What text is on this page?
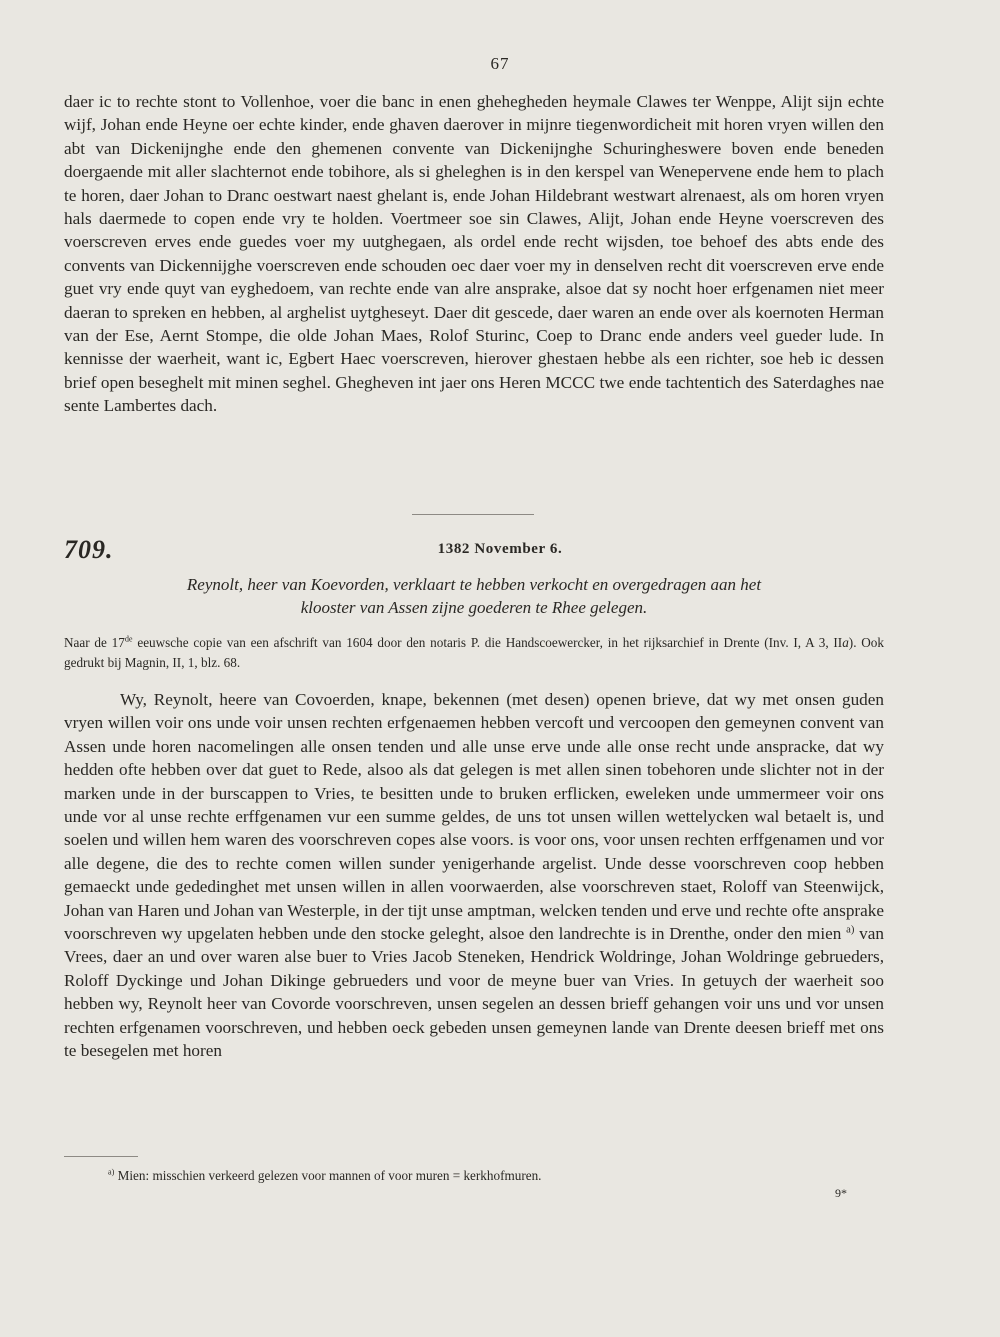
67

daer ic to rechte stont to Vollenhoe, voer die banc in enen ghehegheden heymale Clawes ter Wenppe, Alijt sijn echte wijf, Johan ende Heyne oer echte kinder, ende ghaven daerover in mijnre tiegenwordicheit mit horen vryen willen den abt van Dickenijnghe ende den ghemenen convente van Dickenijnghe Schuringheswere boven ende beneden doergaende mit aller slachternot ende tobihore, als si gheleghen is in den kerspel van Wenepervene ende hem to plach te horen, daer Johan to Dranc oestwart naest ghelant is, ende Johan Hildebrant westwart alrenaest, als om horen vryen hals daermede to copen ende vry te holden. Voertmeer soe sin Clawes, Alijt, Johan ende Heyne voerscreven des voerscreven erves ende guedes voer my uutghegaen, als ordel ende recht wijsden, toe behoef des abts ende des convents van Dickennijghe voerscreven ende schouden oec daer voer my in denselven recht dit voerscreven erve ende guet vry ende quyt van eyghedoem, van rechte ende van alre ansprake, alsoe dat sy nocht hoer erfgenamen niet meer daeran to spreken en hebben, al arghelist uytgheseyt. Daer dit gescede, daer waren an ende over als koernoten Herman van der Ese, Aernt Stompe, die olde Johan Maes, Rolof Sturinc, Coep to Dranc ende anders veel gueder lude. In kennisse der waerheit, want ic, Egbert Haec voerscreven, hierover ghestaen hebbe als een richter, soe heb ic dessen brief open beseghelt mit minen seghel. Ghegheven int jaer ons Heren MCCC twe ende tachtentich des Saterdaghes nae sente Lambertes dach.

709.	1382 November 6.
Reynolt, heer van Koevorden, verklaart te hebben verkocht en overgedragen aan het
klooster van Assen zijne goederen te Rhee gelegen.
Naar de 17de eeuwsche copie van een afschrift van 1604 door den notaris P. die Handscoewercker, in het rijksarchief in Drente (Inv. I, A 3, IIa). Ook gedrukt bij Magnin, II, 1, blz. 68.

Wy, Reynolt, heere van Covoerden, knape, bekennen (met desen) openen brieve, dat wy met onsen guden vryen willen voir ons unde voir unsen rechten erfgenaemen hebben vercoft und vercoopen den gemeynen convent van Assen unde horen nacomelingen alle onsen tenden und alle unse erve unde alle onse recht unde anspracke, dat wy hedden ofte hebben over dat guet to Rede, alsoo als dat gelegen is met allen sinen tobehoren unde slichter not in der marken unde in der burscappen to Vries, te besitten unde to bruken erflicken, eweleken unde ummermeer voir ons unde vor al unse rechte erffgenamen vur een summe geldes, de uns tot unsen willen wettelycken wal betaelt is, und soelen und willen hem waren des voorschreven copes alse voors. is voor ons, voor unsen rechten erffgenamen und vor alle degene, die des to rechte comen willen sunder yenigerhande argelist. Unde desse voorschreven coop hebben gemaeckt unde gededinghet met unsen willen in allen voorwaerden, alse voorschreven staet, Roloff van Steenwijck, Johan van Haren und Johan van Westerple, in der tijt unse amptman, welcken tenden und erve und rechte ofte ansprake voorschreven wy upgelaten hebben unde den stocke geleght, alsoe den landrechte is in Drenthe, onder den mien $^{a)}$ van Vrees, daer an und over waren alse buer to Vries Jacob Steneken, Hendrick Woldringe, Johan Woldringe gebrueders, Roloff Dyckinge und Johan Dikinge gebrueders und voor de meyne buer van Vries. In getuych der waerheit soo hebben wy, Reynolt heer van Covorde voorschreven, unsen segelen an dessen brieff gehangen voir uns und vor unsen rechten erfgenamen voorschreven, und hebben oeck gebeden unsen gemeynen lande van Drente deesen brieff met ons te besegelen met horen

$^{a)}$ Mien: misschien verkeerd gelezen voor mannen of voor muren = kerkhofmuren.
9*
